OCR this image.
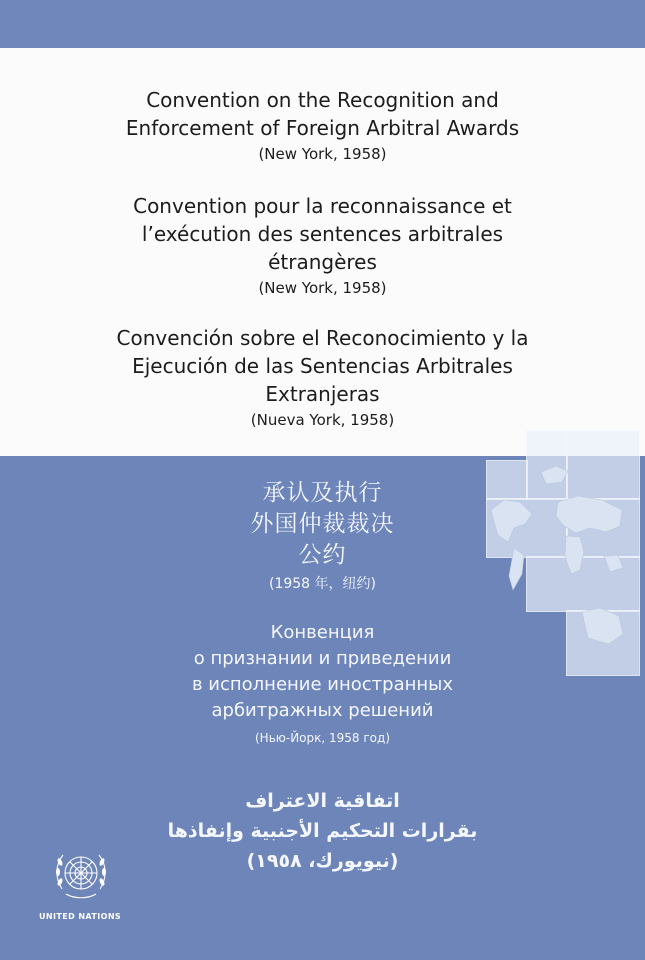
Convention on the Recognition and
Enforcement of Foreign Arbitral Awards
(New York, 1958)
Convention pour la reconnaissance et
l’exécution des sentences arbitrales
étrangères
(New York, 1958)
Convención sobre el Reconocimiento y la
Ejecución de las Sentencias Arbitrales
Extranjeras
(Nueva York, 1958)
承认及执行
外国仲裁裁决
公约
(1958 年，纽约)
Конвенция
о признании и приведении
в исполнение иностранных
арбитражных решений
(Нью-Йорк, 1958 год)
اتفاقية الاعتراف
بقرارات التحكيم الأجنبية وإنفاذها
(نيويورك، ١٩٥٨)
UNITED NATIONS
